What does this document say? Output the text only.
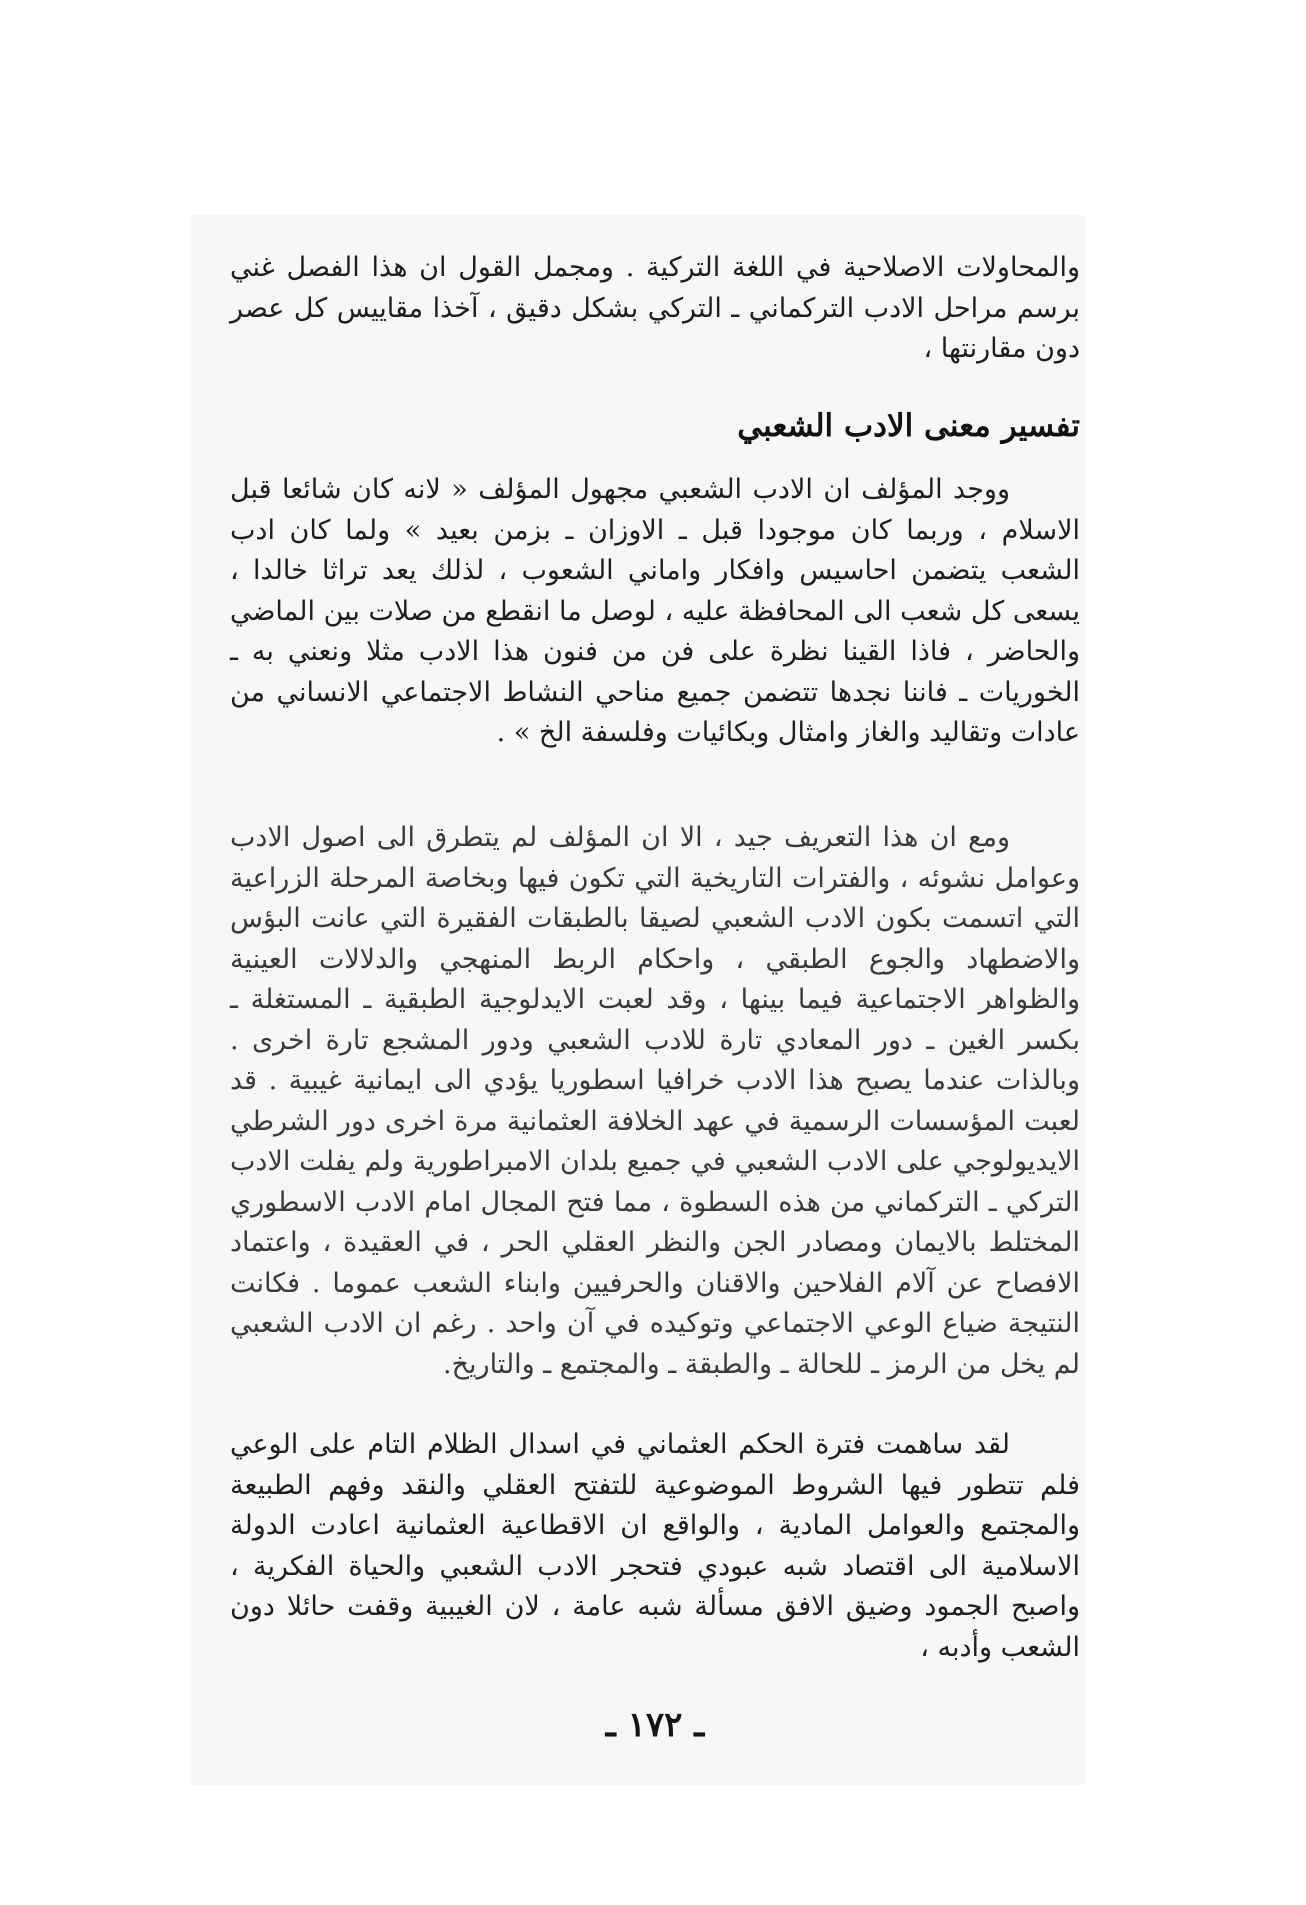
والمحاولات الاصلاحية في اللغة التركية . ومجمل القول ان هذا الفصل غني برسم مراحل الادب التركماني ـ التركي بشكل دقيق ، آخذا مقاييس كل عصر دون مقارنتها ،

تفسير معنى الادب الشعبي

ووجد المؤلف ان الادب الشعبي مجهول المؤلف « لانه كان شائعا قبل الاسلام ، وربما كان موجودا قبل ـ الاوزان ـ بزمن بعيد » ولما كان ادب الشعب يتضمن احاسيس وافكار واماني الشعوب ، لذلك يعد تراثا خالدا ، يسعى كل شعب الى المحافظة عليه ، لوصل ما انقطع من صلات بين الماضي والحاضر ، فاذا القينا نظرة على فن من فنون هذا الادب مثلا ونعني به ـ الخوريات ـ فاننا نجدها تتضمن جميع مناحي النشاط الاجتماعي الانساني من عادات وتقاليد والغاز وامثال وبكائيات وفلسفة الخ » .

ومع ان هذا التعريف جيد ، الا ان المؤلف لم يتطرق الى اصول الادب وعوامل نشوئه ، والفترات التاريخية التي تكون فيها وبخاصة المرحلة الزراعية التي اتسمت بكون الادب الشعبي لصيقا بالطبقات الفقيرة التي عانت البؤس والاضطهاد والجوع الطبقي ، واحكام الربط المنهجي والدلالات العينية والظواهر الاجتماعية فيما بينها ، وقد لعبت الايدلوجية الطبقية ـ المستغلة ـ بكسر الغين ـ دور المعادي تارة للادب الشعبي ودور المشجع تارة اخرى . وبالذات عندما يصبح هذا الادب خرافيا اسطوريا يؤدي الى ايمانية غيبية . قد لعبت المؤسسات الرسمية في عهد الخلافة العثمانية مرة اخرى دور الشرطي الايديولوجي على الادب الشعبي في جميع بلدان الامبراطورية ولم يفلت الادب التركي ـ التركماني من هذه السطوة ، مما فتح المجال امام الادب الاسطوري المختلط بالايمان ومصادر الجن والنظر العقلي الحر ، في العقيدة ، واعتماد الافصاح عن آلام الفلاحين والاقنان والحرفيين وابناء الشعب عموما . فكانت النتيجة ضياع الوعي الاجتماعي وتوكيده في آن واحد . رغم ان الادب الشعبي لم يخل من الرمز ـ للحالة ـ والطبقة ـ والمجتمع ـ والتاريخ.

لقد ساهمت فترة الحكم العثماني في اسدال الظلام التام على الوعي فلم تتطور فيها الشروط الموضوعية للتفتح العقلي والنقد وفهم الطبيعة والمجتمع والعوامل المادية ، والواقع ان الاقطاعية العثمانية اعادت الدولة الاسلامية الى اقتصاد شبه عبودي فتحجر الادب الشعبي والحياة الفكرية ، واصبح الجمود وضيق الافق مسألة شبه عامة ، لان الغيبية وقفت حائلا دون الشعب وأدبه ،

ـ ١٧٢ ـ
